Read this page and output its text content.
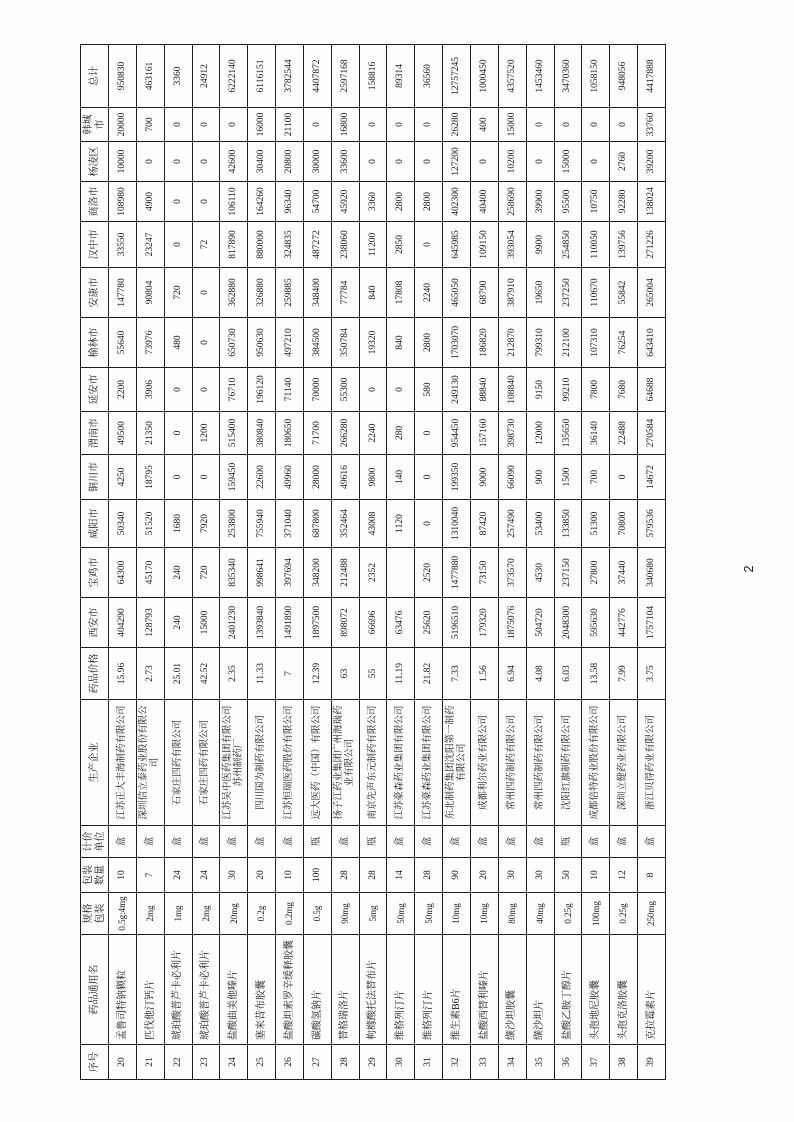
序号	药品通用名	规格包装	包装数量	计价单位	生产企业	药品价格	西安市	宝鸡市	咸阳市	铜川市	渭南市	延安市	榆林市	安康市	汉中市	商洛市	杨凌区	韩城市	总计
20	孟鲁司特钠颗粒	0.5g:4mg	10	盒	江苏正大丰海制药有限公司	15.96	404290	64300	50340	4250	49500	2200	55640	147780	33550	108980	10000	20000	950830
21	匹伐他汀钙片	2mg	7	盒	深圳信立泰药业股份有限公司	2.73	128793	45170	51520	18795	21350	3906	73976	90804	23247	4900	0	700	463161
22	琥珀酸普芦卡必利片	1mg	24	盒	石家庄四药有限公司	25.01	240	240	1680	0	0	0	480	720	0	0	0	0	3360
23	琥珀酸普芦卡必利片	2mg	24	盒	石家庄四药有限公司	42.52	15000	720	7920	0	1200	0	0	0	72	0	0	0	24912
24	盐酸曲美他嗪片	20mg	30	盒	江苏吴中医药集团有限公司苏州制药厂	2.35	2401230	835340	253800	159450	515400	76710	650730	362880	817890	106110	42600	0	6222140
25	塞来昔布胶囊	0.2g	20	盒	四川国为制药有限公司	11.33	1393840	998641	755940	22600	380840	196120	950630	326880	880000	164260	30400	16000	6116151
26	盐酸坦索罗辛缓释胶囊	0.2mg	10	盒	江苏恒瑞医药股份有限公司	7	1491890	397694	371040	49960	180650	71140	497210	259885	324835	96340	20800	21100	3782544
27	碳酸氢钠片	0.5g	100	瓶	远大医药（中国）有限公司	12.39	1897500	348200	687800	28000	71700	70000	384500	348400	487272	54700	30000	0	4407872
28	替格瑞洛片	90mg	28	盒	扬子江药业集团广州海瑞药业有限公司	63	898072	212488	352464	49616	266280	55300	350784	77784	238060	45920	33600	16800	2597168
29	枸橼酸托法替布片	5mg	28	瓶	南京先声东元制药有限公司	55	66696	2352	43008	9800	2240	0	19320	840	11200	3360	0	0	158816
30	维格列汀片	50mg	14	盒	江苏豪森药业集团有限公司	11.19	63476		1120	140	280	0	840	17808	2850	2800	0	0	89314
31	维格列汀片	50mg	28	盒	江苏豪森药业集团有限公司	21.82	25620	2520	0	0	0	580	2800	2240	0	2800	0	0	36560
32	维生素B6片	10mg	90	盒	东北制药集团沈阳第一制药有限公司	7.33	5196510	1477880	1310040	199350	954450	249130	1703070	465050	645985	402300	127200	26280	12757245
33	盐酸西替利嗪片	10mg	20	盒	成都利尔药业有限公司	1.56	179320	73150	87420	9000	157160	88840	186820	68790	109150	40400	0	400	1000450
34	缬沙坦胶囊	80mg	30	盒	常州四药制药有限公司	6.94	1875076	373570	257490	66090	398730	108840	212870	387910	393054	258690	10200	15000	4357520
35	缬沙坦片	40mg	30	盒	常州四药制药有限公司	4.08	504720	4530	53400	900	12000	9150	799310	19650	9900	39900	0	0	1453460
36	盐酸乙胺丁醇片	0.25g	50	瓶	沈阳红旗制药有限公司	6.03	2048300	237150	133850	1500	135650	99210	212100	237250	254850	95500	15000	0	3470360
37	头孢地尼胶囊	100mg	10	盒	成都倍特药业股份有限公司	13.58	595630	27800	51300	700	36140	7800	107310	110670	110050	10750	0	0	1058150
38	头孢克洛胶囊	0.25g	12	盒	深圳立健药业有限公司	7.99	442776	37440	70800	0	22488	7680	76254	55842	139756	92280	2760	0	948056
39	克拉霉素片	250mg	8	盒	浙江贝得药业有限公司	3.75	1757104	340680	579536	14672	270584	64688	643410	265004	271226	138024	39200	33760	4417888
2
